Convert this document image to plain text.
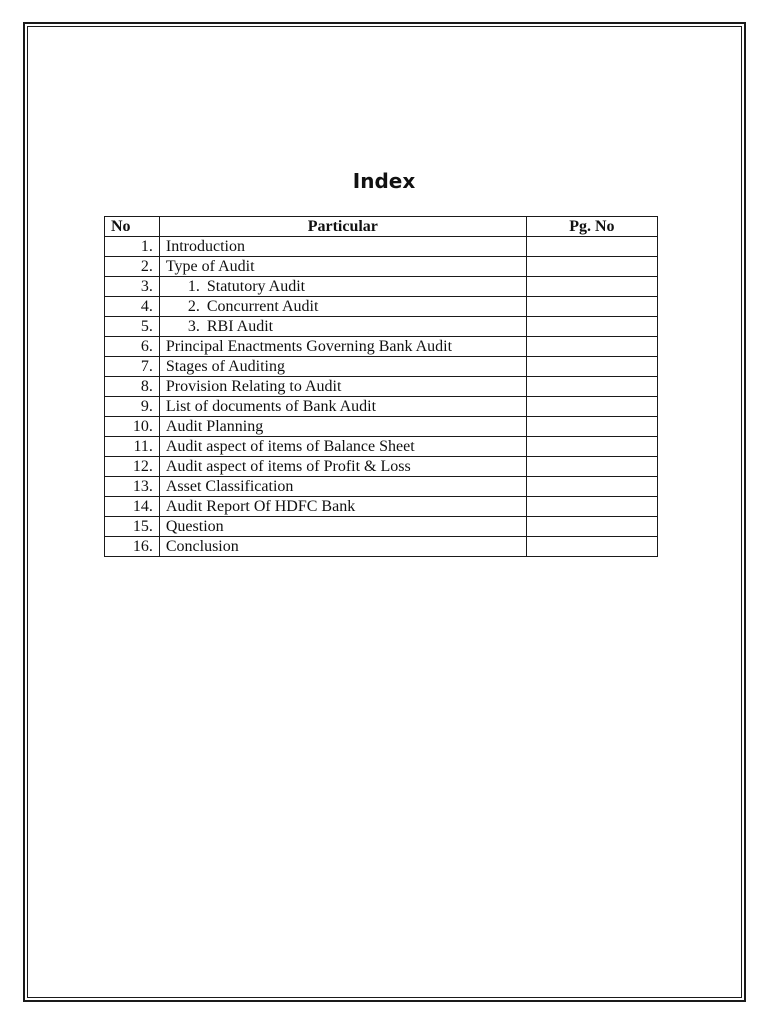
Index
No	Particular	Pg. No
1.	Introduction	
2.	Type of Audit	
3.	1. Statutory Audit	
4.	2. Concurrent Audit	
5.	3. RBI Audit	
6.	Principal Enactments Governing Bank Audit	
7.	Stages of Auditing	
8.	Provision Relating to Audit	
9.	List of documents of Bank Audit	
10.	Audit Planning	
11.	Audit aspect of items of Balance Sheet	
12.	Audit aspect of items of Profit & Loss	
13.	Asset Classification	
14.	Audit Report Of HDFC Bank	
15.	Question	
16.	Conclusion	
